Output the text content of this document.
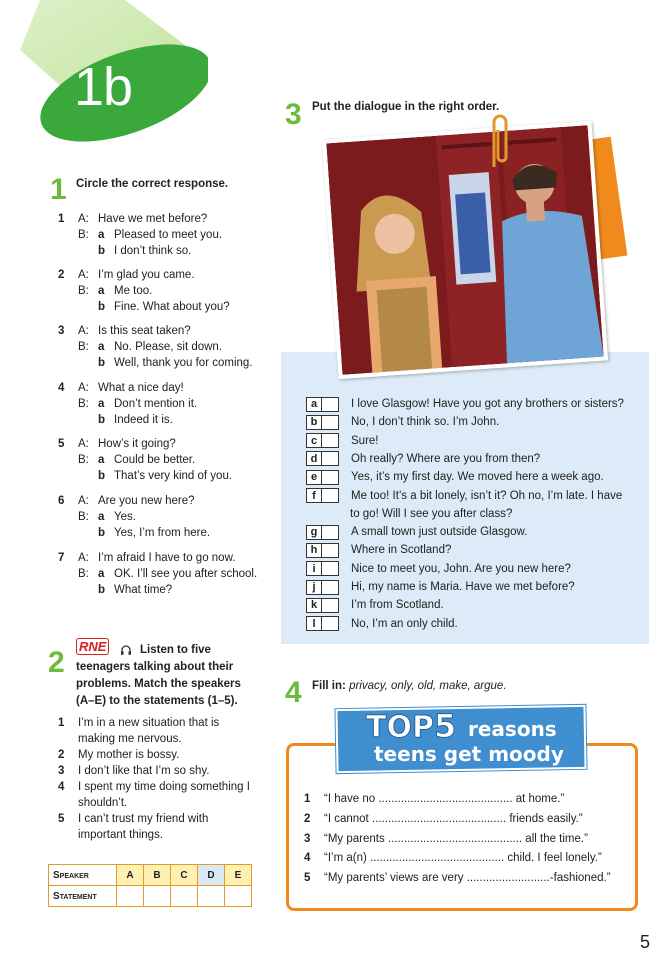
1b
1 Circle the correct response.
1 A: Have we met before?
B: a Pleased to meet you.
b I don’t think so.
2 A: I’m glad you came.
B: a Me too.
b Fine. What about you?
3 A: Is this seat taken?
B: a No. Please, sit down.
b Well, thank you for coming.
4 A: What a nice day!
B: a Don’t mention it.
b Indeed it is.
5 A: How’s it going?
B: a Could be better.
b That’s very kind of you.
6 A: Are you new here?
B: a Yes.
b Yes, I’m from here.
7 A: I’m afraid I have to go now.
B: a OK. I’ll see you after school.
b What time?
2 RNE	Listen to five
teenagers talking about their
problems. Match the speakers
(A–E) to the statements (1–5).
1 I’m in a new situation that is
making me nervous.
2 My mother is bossy.
3 I don’t like that I’m so shy.
4 I spent my time doing something I
shouldn’t.
5 I can’t trust my friend with
important things.
Speaker	A	B	C	D	E
Statement					
3 Put the dialogue in the right order.
a	I love Glasgow! Have you got any brothers or sisters?
b	No, I don’t think so. I’m John.
c	Sure!
d	Oh really? Where are you from then?
e	Yes, it’s my first day. We moved here a week ago.
f	Me too! It’s a bit lonely, isn’t it? Oh no, I’m late. I have
to go! Will I see you after class?
g	A small town just outside Glasgow.
h	Where in Scotland?
i	Nice to meet you, John. Are you new here?
j	Hi, my name is Maria. Have we met before?
k	I’m from Scotland.
l	No, I’m an only child.
4 Fill in: privacy, only, old, make, argue.
TOP5 reasons
teens get moody
1 “I have no .......................................... at home.”
2 “I cannot .......................................... friends easily.”
3 “My parents .......................................... all the time.”
4 “I’m a(n) .......................................... child. I feel lonely.”
5 “My parents’ views are very ..........................-fashioned.”
5
